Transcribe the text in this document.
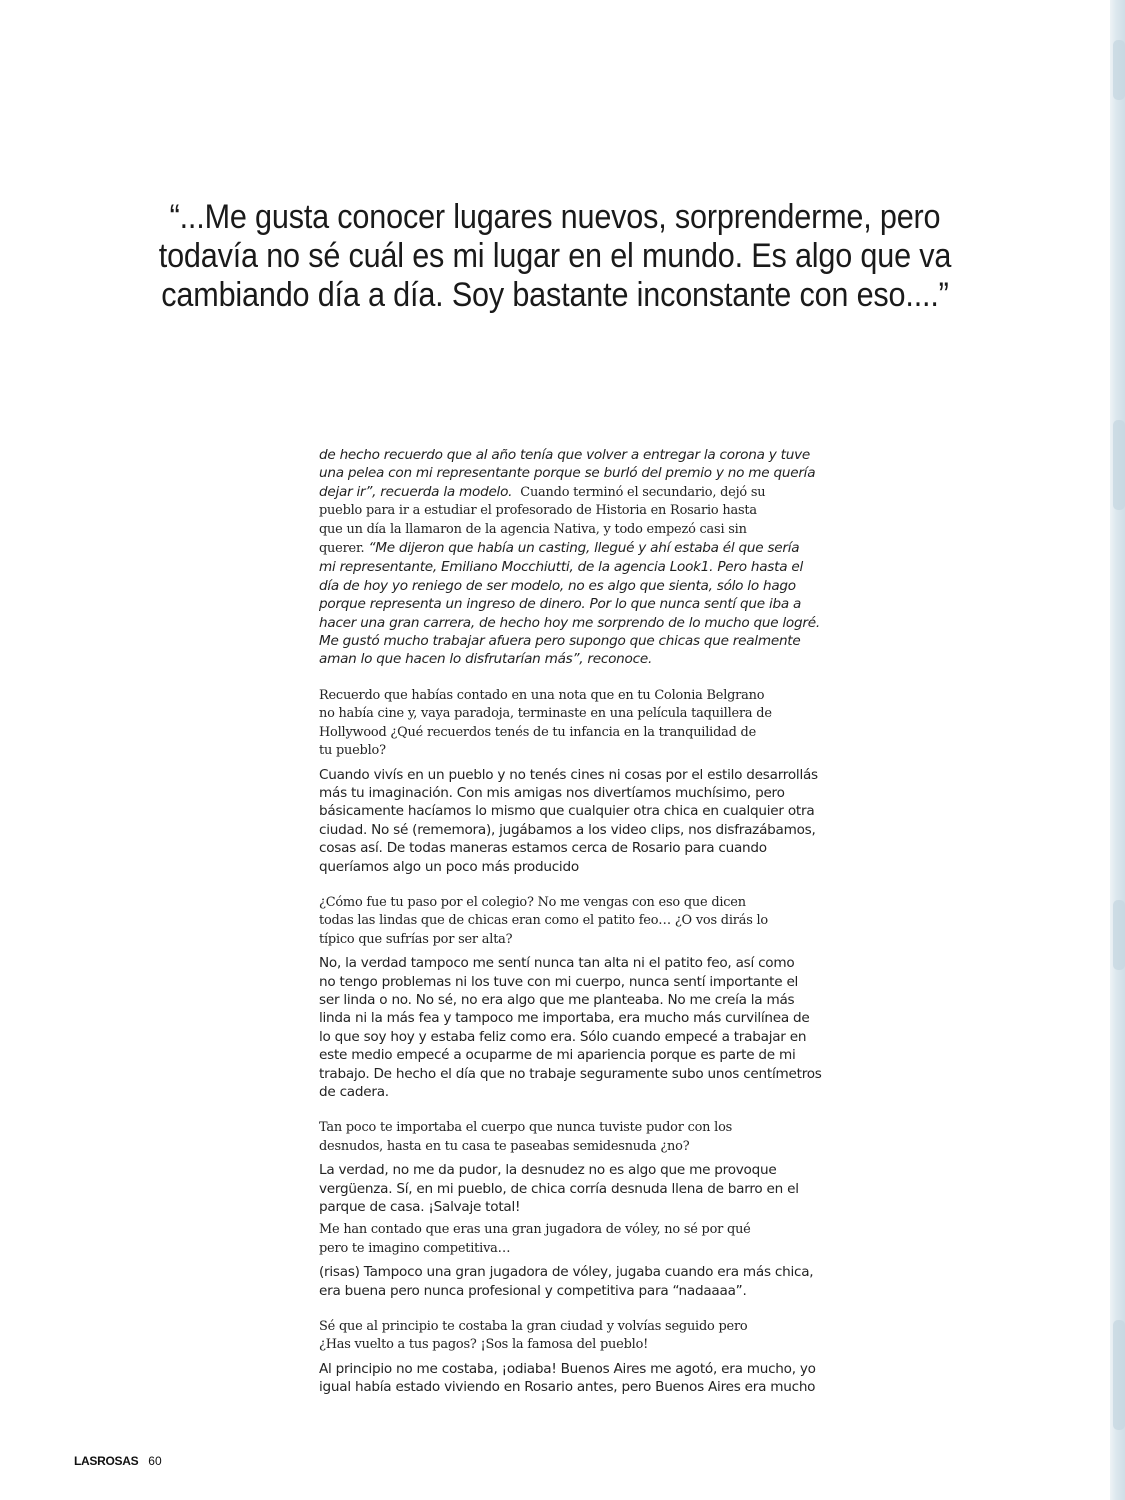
“...Me gusta conocer lugares nuevos, sorprenderme, pero
todavía no sé cuál es mi lugar en el mundo. Es algo que va
cambiando día a día. Soy bastante inconstante con eso....”
de hecho recuerdo que al año tenía que volver a entregar la corona y tuve
una pelea con mi representante porque se burló del premio y no me quería
dejar ir”, recuerda la modelo. Cuando terminó el secundario, dejó su
pueblo para ir a estudiar el profesorado de Historia en Rosario hasta
que un día la llamaron de la agencia Nativa, y todo empezó casi sin
querer. “Me dijeron que había un casting, llegué y ahí estaba él que sería
mi representante, Emiliano Mocchiutti, de la agencia Look1. Pero hasta el
día de hoy yo reniego de ser modelo, no es algo que sienta, sólo lo hago
porque representa un ingreso de dinero. Por lo que nunca sentí que iba a
hacer una gran carrera, de hecho hoy me sorprendo de lo mucho que logré.
Me gustó mucho trabajar afuera pero supongo que chicas que realmente
aman lo que hacen lo disfrutarían más”, reconoce.
Recuerdo que habías contado en una nota que en tu Colonia Belgrano
no había cine y, vaya paradoja, terminaste en una película taquillera de
Hollywood ¿Qué recuerdos tenés de tu infancia en la tranquilidad de
tu pueblo?
Cuando vivís en un pueblo y no tenés cines ni cosas por el estilo desarrollás
más tu imaginación. Con mis amigas nos divertíamos muchísimo, pero
básicamente hacíamos lo mismo que cualquier otra chica en cualquier otra
ciudad. No sé (rememora), jugábamos a los video clips, nos disfrazábamos,
cosas así. De todas maneras estamos cerca de Rosario para cuando
queríamos algo un poco más producido
¿Cómo fue tu paso por el colegio? No me vengas con eso que dicen
todas las lindas que de chicas eran como el patito feo… ¿O vos dirás lo
típico que sufrías por ser alta?
No, la verdad tampoco me sentí nunca tan alta ni el patito feo, así como
no tengo problemas ni los tuve con mi cuerpo, nunca sentí importante el
ser linda o no. No sé, no era algo que me planteaba. No me creía la más
linda ni la más fea y tampoco me importaba, era mucho más curvilínea de
lo que soy hoy y estaba feliz como era. Sólo cuando empecé a trabajar en
este medio empecé a ocuparme de mi apariencia porque es parte de mi
trabajo. De hecho el día que no trabaje seguramente subo unos centímetros
de cadera.
Tan poco te importaba el cuerpo que nunca tuviste pudor con los
desnudos, hasta en tu casa te paseabas semidesnuda ¿no?
La verdad, no me da pudor, la desnudez no es algo que me provoque
vergüenza. Sí, en mi pueblo, de chica corría desnuda llena de barro en el
parque de casa. ¡Salvaje total!
Me han contado que eras una gran jugadora de vóley, no sé por qué
pero te imagino competitiva…
(risas) Tampoco una gran jugadora de vóley, jugaba cuando era más chica,
era buena pero nunca profesional y competitiva para “nadaaaa”.
Sé que al principio te costaba la gran ciudad y volvías seguido pero
¿Has vuelto a tus pagos? ¡Sos la famosa del pueblo!
Al principio no me costaba, ¡odiaba! Buenos Aires me agotó, era mucho, yo
igual había estado viviendo en Rosario antes, pero Buenos Aires era mucho
LASROSAS 60
